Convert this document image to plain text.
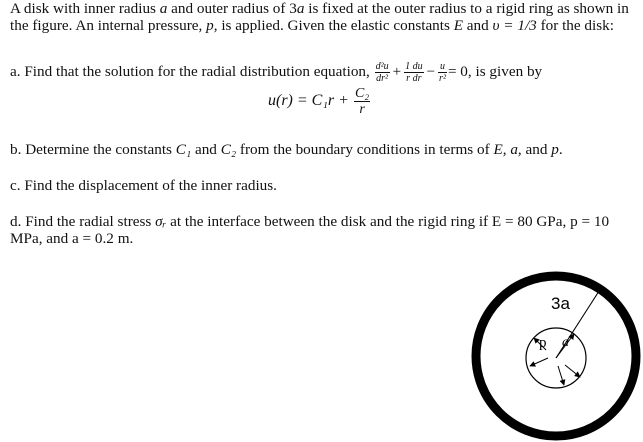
A disk with inner radius a and outer radius of 3a is fixed at the outer radius to a rigid ring as shown in the figure. An internal pressure, p, is applied. Given the elastic constants E and υ = 1/3 for the disk:
a. Find that the solution for the radial distribution equation, $\frac{\text{d²u}}{\text{dr²}} + \frac{1 du}{\text{r dr}} - \frac{u}{\text{r²}} = 0$, is given by
$u(r) = C_1r + \frac{\text{C₂}}{r}$
b. Determine the constants C₁ and C₂ from the boundary conditions in terms of E, a, and p.
c. Find the displacement of the inner radius.
d. Find the radial stress σᵣ at the interface between the disk and the rigid ring if E = 80 GPa, p = 10 MPa, and a = 0.2 m.
3a
p a
